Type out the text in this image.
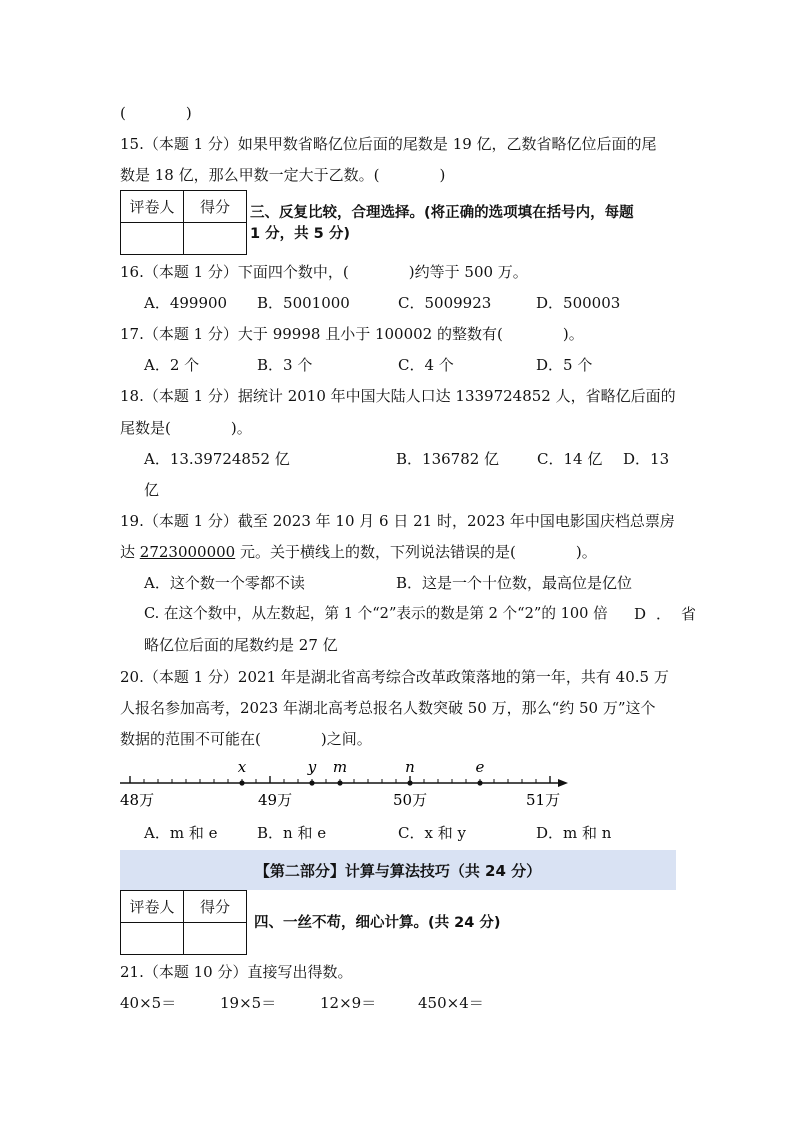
(　　　　)
15.（本题 1 分）如果甲数省略亿位后面的尾数是 19 亿，乙数省略亿位后面的尾
数是 18 亿，那么甲数一定大于乙数。(　　　　)
评卷人	得分
	三、反复比较，合理选择。(将正确的选项填在括号内，每题
1 分，共 5 分)
16.（本题 1 分）下面四个数中，(　　　　)约等于 500 万。
A．499900 B．5001000	C．5009923	D．500003
17.（本题 1 分）大于 99998 且小于 100002 的整数有(　　　　)。
A．2 个	B．3 个	C．4 个	D．5 个
18.（本题 1 分）据统计 2010 年中国大陆人口达 1339724852 人，省略亿后面的
尾数是(　　　　)。
A．13.39724852 亿	B．136782 亿	C．14 亿 D．13
亿
19.（本题 1 分）截至 2023 年 10 月 6 日 21 时，2023 年中国电影国庆档总票房
达 2723000000 元。关于横线上的数，下列说法错误的是(　　　　)。
A．这个数一个零都不读	B．这是一个十位数，最高位是亿位
C. 在这个数中，从左数起，第 1 个“2”表示的数是第 2 个“2”的 100 倍 D．省
略亿位后面的尾数约是 27 亿
20.（本题 1 分）2021 年是湖北省高考综合改革政策落地的第一年，共有 40.5 万
人报名参加高考，2023 年湖北高考总报名人数突破 50 万，那么“约 50 万”这个
数据的范围不可能在(　　　　)之间。
x	y m	n	e
48万	49万	50万	51万
A．m 和 e	B．n 和 e	C．x 和 y	D．m 和 n
【第二部分】计算与算法技巧（共 24 分）
评卷人	得分

四、一丝不苟，细心计算。(共 24 分)
21.（本题 10 分）直接写出得数。
40×5＝	19×5＝	12×9＝	450×4＝
